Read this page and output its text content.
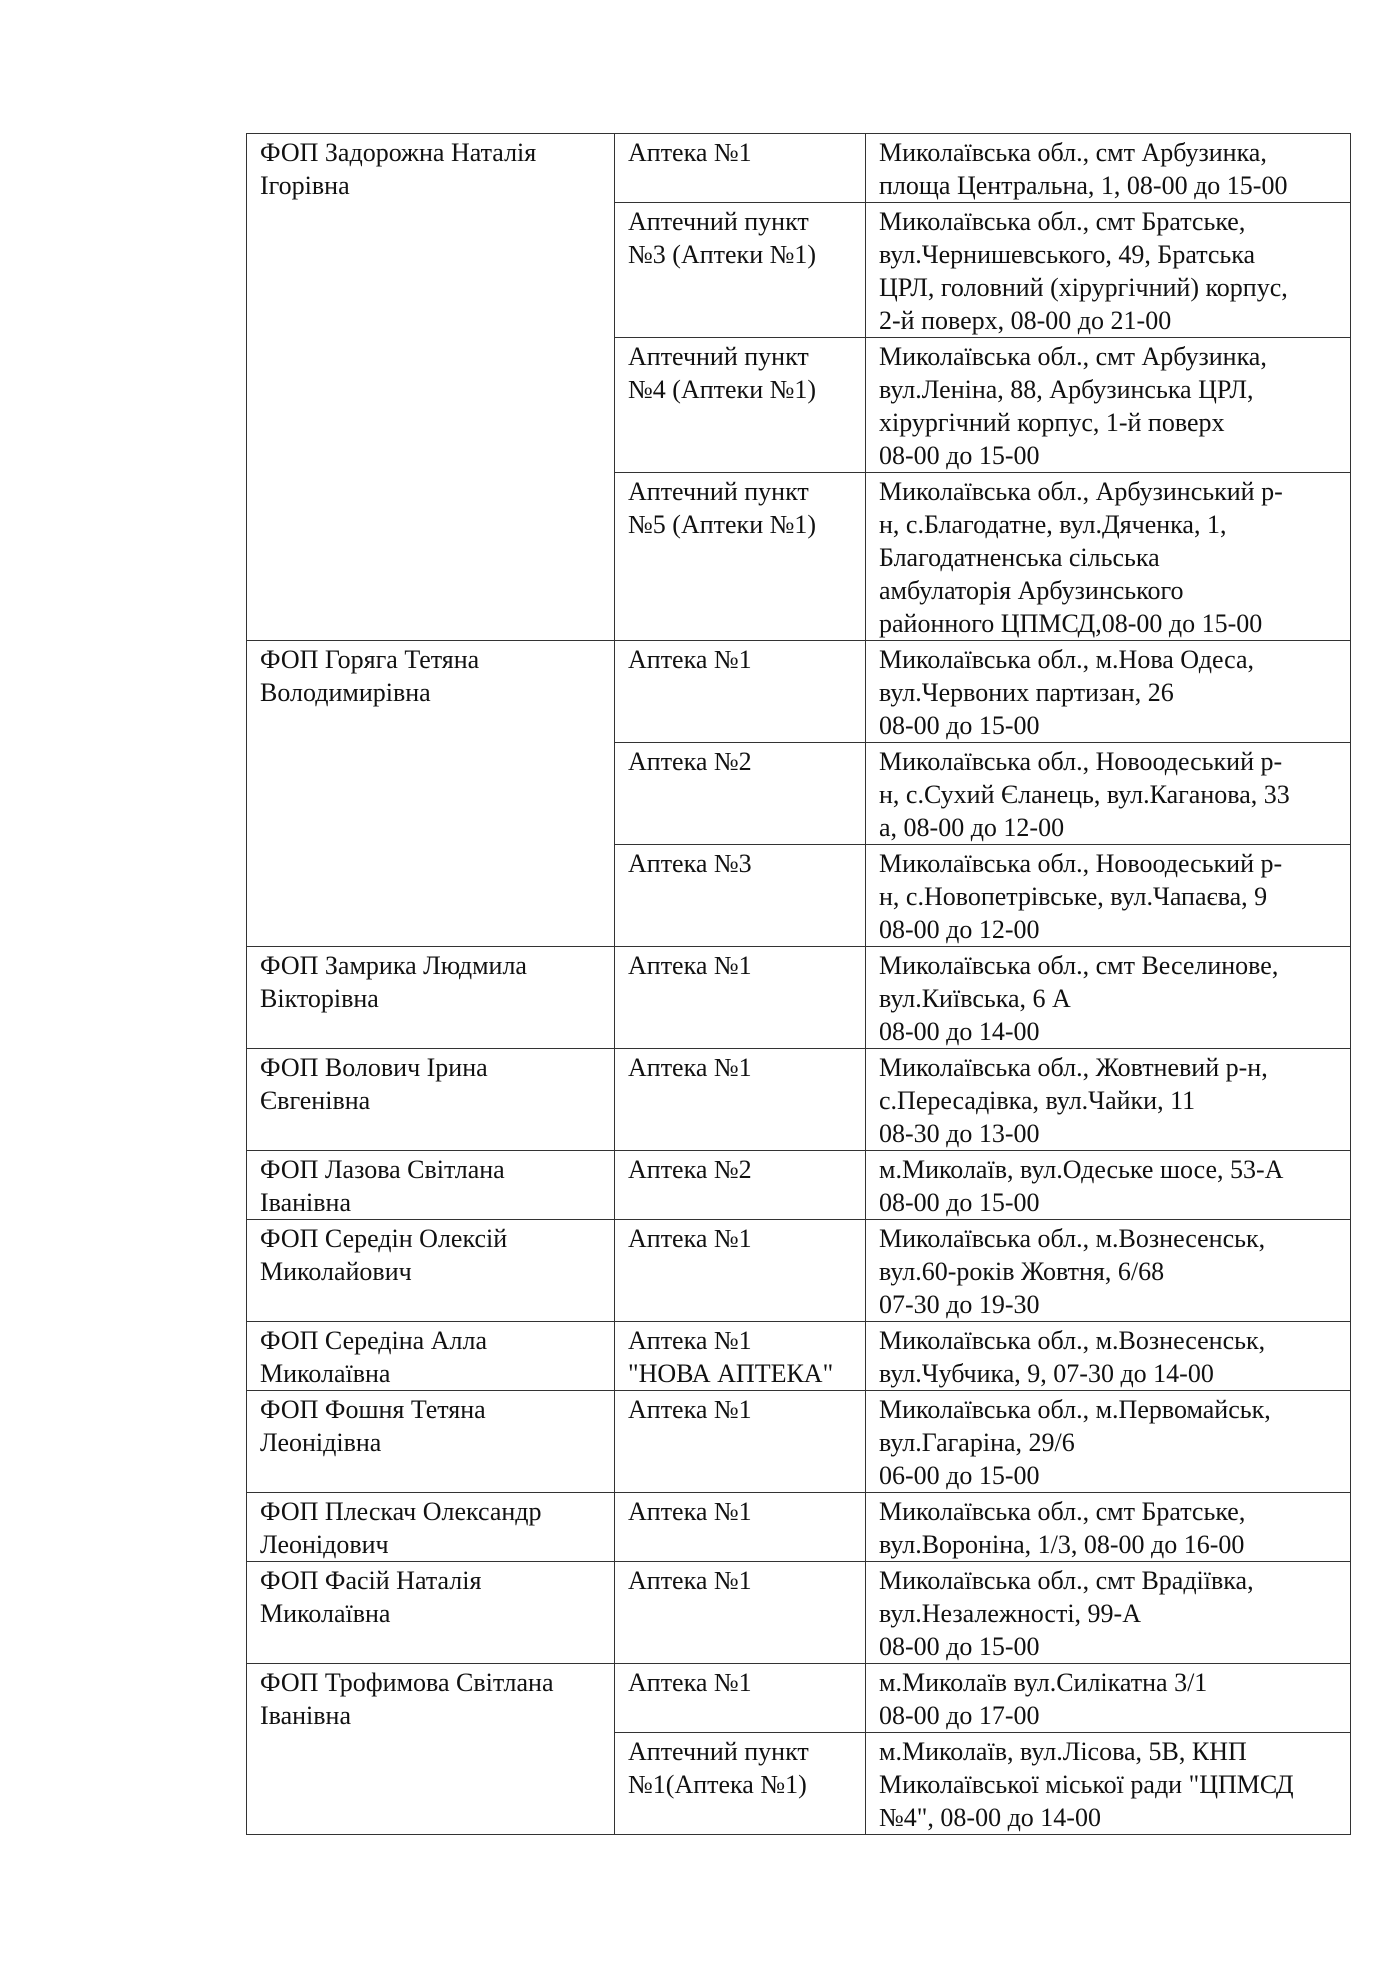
ФОП Задорожна Наталія
Ігорівна	Аптека №1	Миколаївська обл., смт Арбузинка,
площа Центральна, 1, 08-00 до 15-00

	Аптечний пункт
№3 (Аптеки №1)	Миколаївська обл., смт Братське,
вул.Чернишевського, 49, Братська
ЦРЛ, головний (хірургічний) корпус,
2-й поверх, 08-00 до 21-00

	Аптечний пункт
№4 (Аптеки №1)	Миколаївська обл., смт Арбузинка,
вул.Леніна, 88, Арбузинська ЦРЛ,
хірургічний корпус, 1-й поверх
08-00 до 15-00

	Аптечний пункт
№5 (Аптеки №1)	Миколаївська обл., Арбузинський р-
н, с.Благодатне, вул.Дяченка, 1,
Благодатненська сільська
амбулаторія Арбузинського
районного ЦПМСД,08-00 до 15-00

ФОП Горяга Тетяна
Володимирівна	Аптека №1	Миколаївська обл., м.Нова Одеса,
вул.Червоних партизан, 26
08-00 до 15-00

	Аптека №2	Миколаївська обл., Новоодеський р-
н, с.Сухий Єланець, вул.Каганова, 33
а, 08-00 до 12-00

	Аптека №3	Миколаївська обл., Новоодеський р-
н, с.Новопетрівське, вул.Чапаєва, 9
08-00 до 12-00

ФОП Замрика Людмила
Вікторівна	Аптека №1	Миколаївська обл., смт Веселинове,
вул.Київська, 6 А
08-00 до 14-00

ФОП Волович Ірина
Євгенівна	Аптека №1	Миколаївська обл., Жовтневий р-н,
с.Пересадівка, вул.Чайки, 11
08-30 до 13-00

ФОП Лазова Світлана
Іванівна	Аптека №2	м.Миколаїв, вул.Одеське шосе, 53-А
08-00 до 15-00

ФОП Середін Олексій
Миколайович	Аптека №1	Миколаївська обл., м.Вознесенськ,
вул.60-років Жовтня, 6/68
07-30 до 19-30

ФОП Середіна Алла
Миколаївна	Аптека №1
"НОВА АПТЕКА"	Миколаївська обл., м.Вознесенськ,
вул.Чубчика, 9, 07-30 до 14-00

ФОП Фошня Тетяна
Леонідівна	Аптека №1	Миколаївська обл., м.Первомайськ,
вул.Гагаріна, 29/6
06-00 до 15-00

ФОП Плескач Олександр
Леонідович	Аптека №1	Миколаївська обл., смт Братське,
вул.Вороніна, 1/3, 08-00 до 16-00

ФОП Фасій Наталія
Миколаївна	Аптека №1	Миколаївська обл., смт Врадіївка,
вул.Незалежності, 99-А
08-00 до 15-00

ФОП Трофимова Світлана
Іванівна	Аптека №1	м.Миколаїв вул.Силікатна 3/1
08-00 до 17-00

	Аптечний пункт
№1(Аптека №1)	м.Миколаїв, вул.Лісова, 5В, КНП
Миколаївської міської ради "ЦПМСД
№4", 08-00 до 14-00
